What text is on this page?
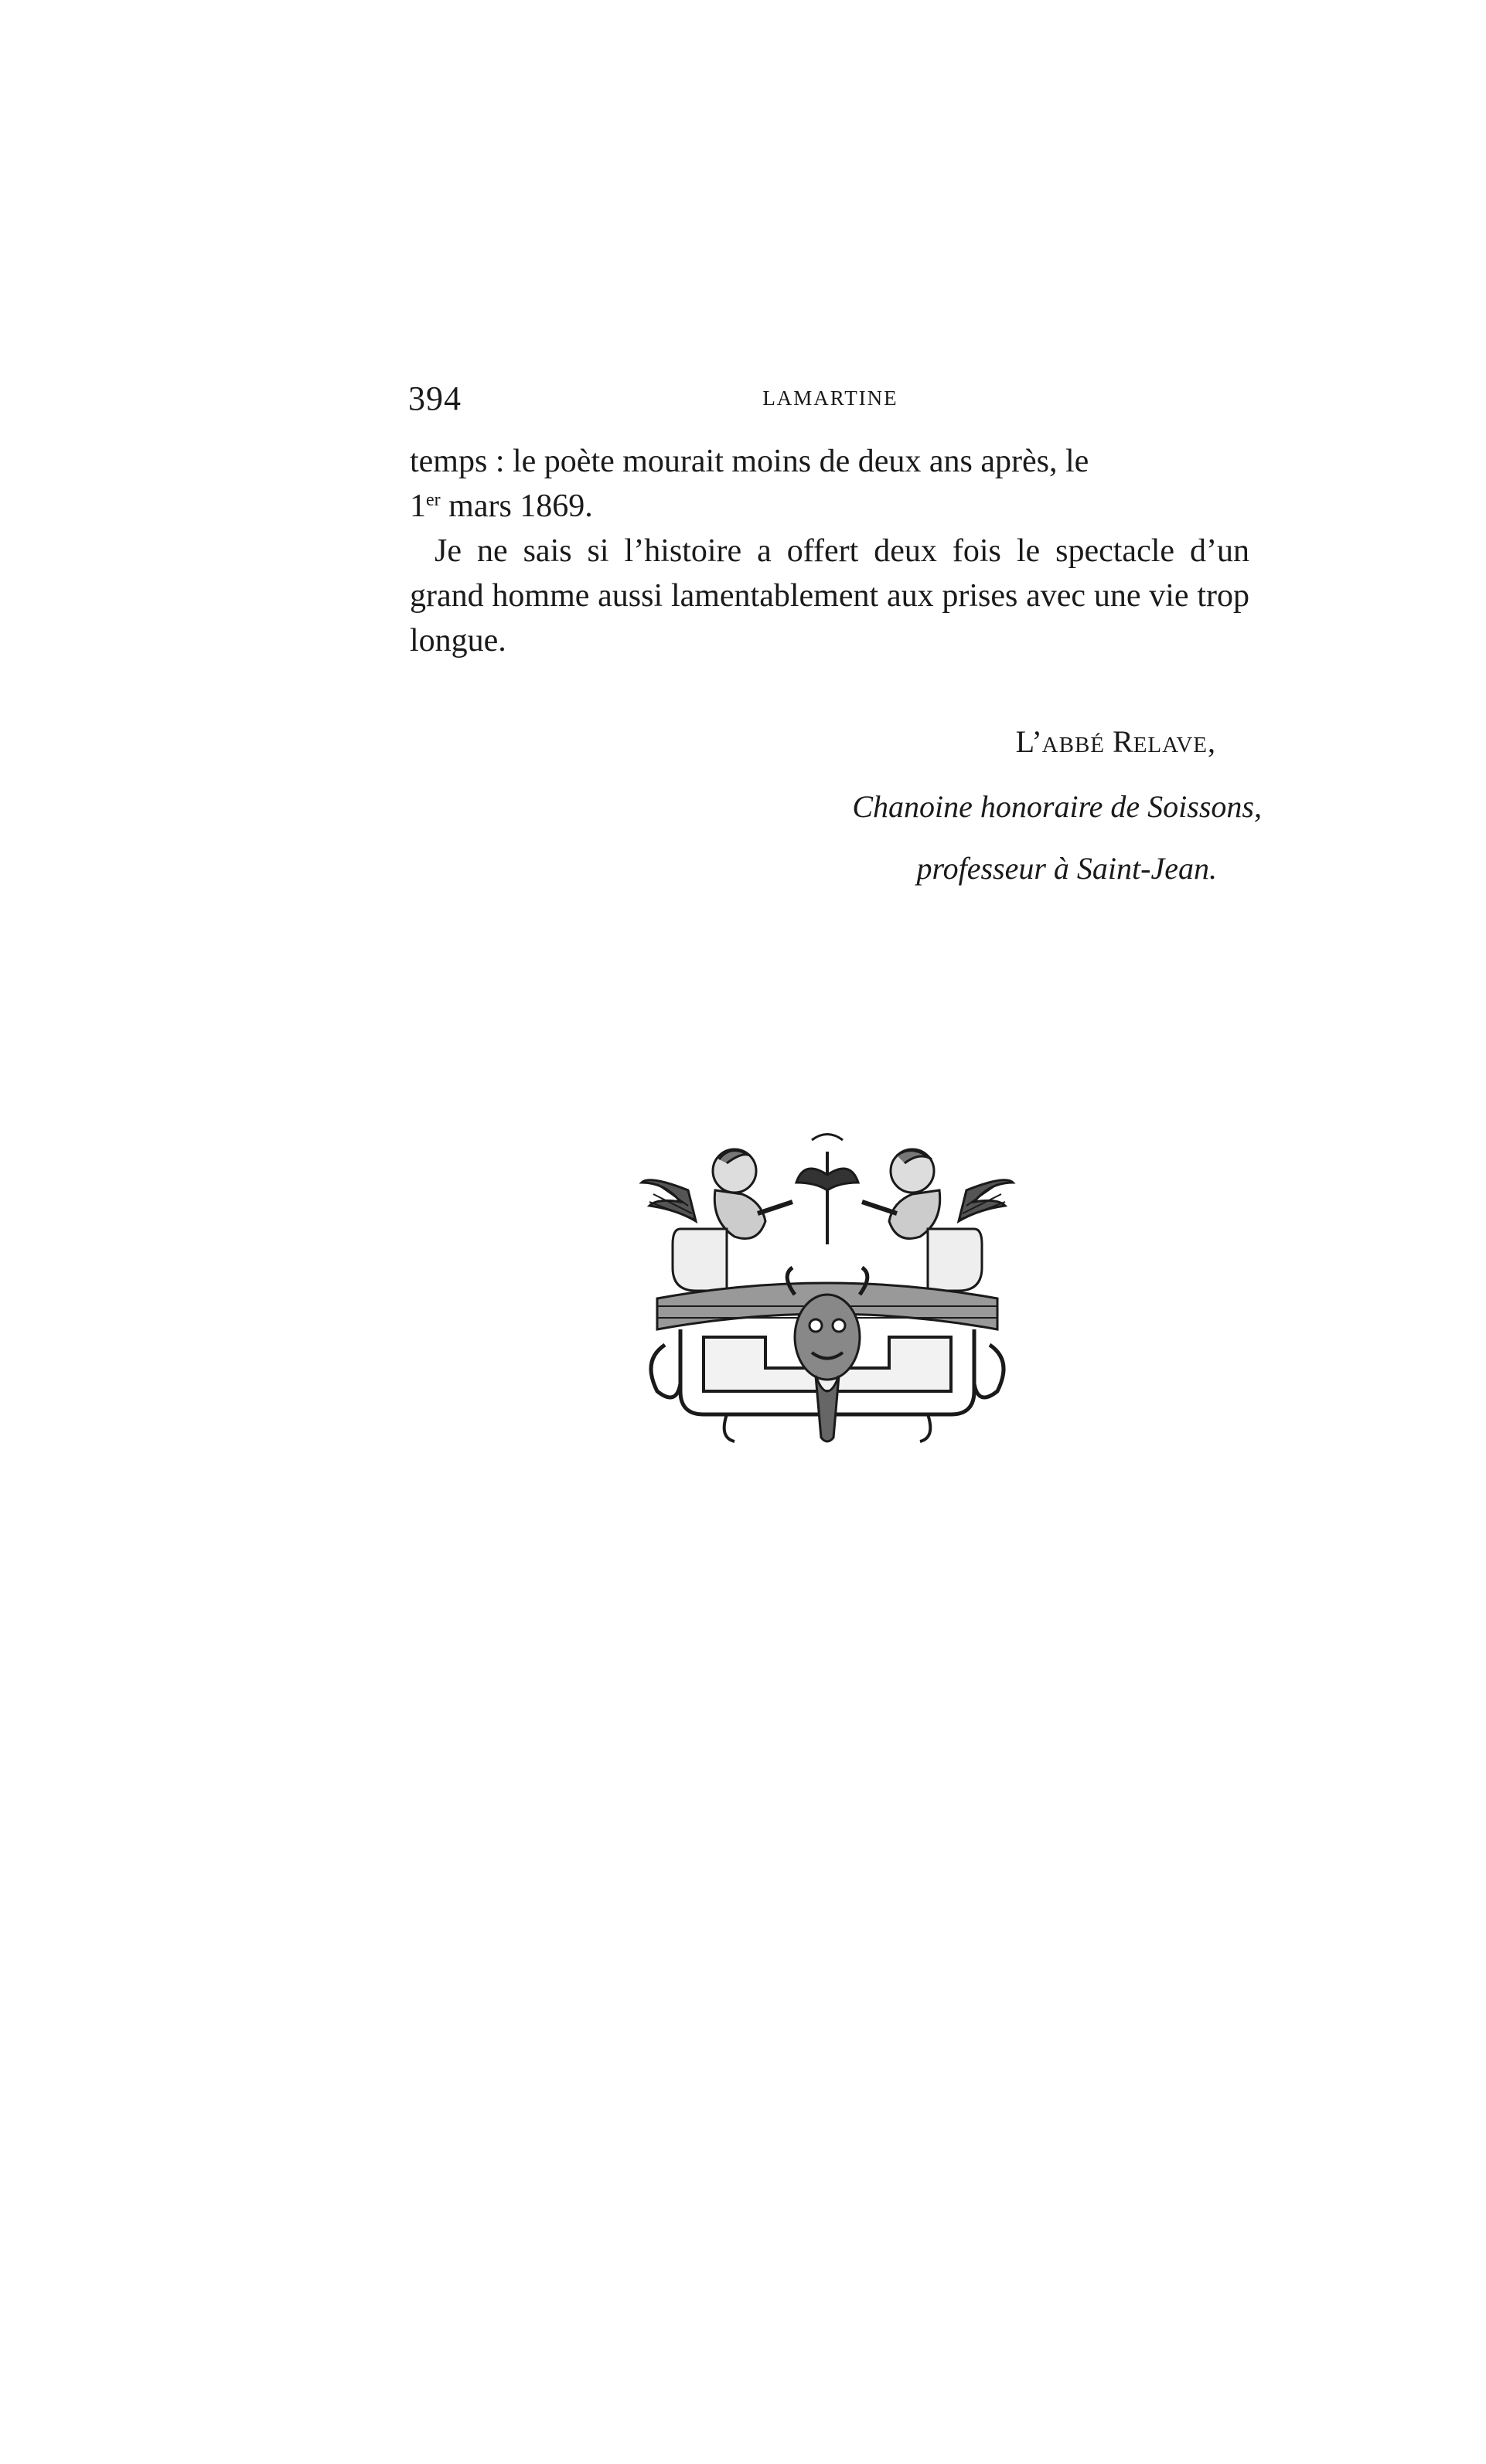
394	LAMARTINE

temps : le poète mourait moins de deux ans après, le
1er mars 1869.

Je ne sais si l’histoire a offert deux fois le spectacle d’un grand homme aussi lamentablement aux prises avec une vie trop longue.

L’ABBÉ RELAVE,
Chanoine honoraire de Soissons,
professeur à Saint-Jean.
